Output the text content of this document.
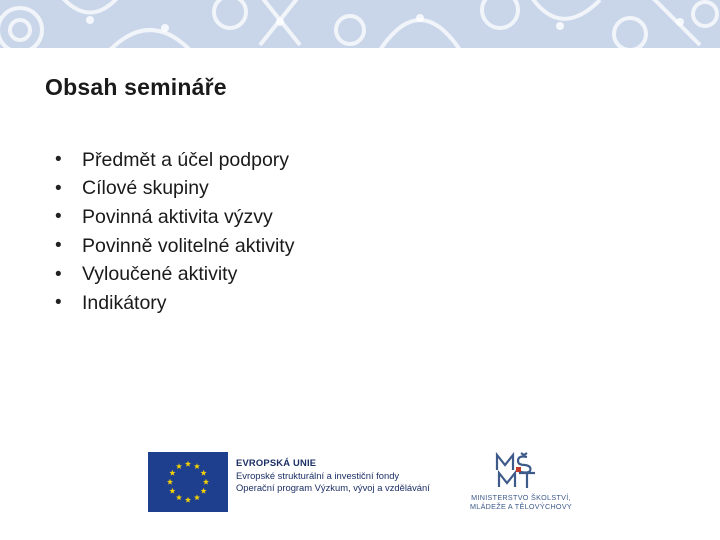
Obsah semináře
•	Předmět a účel podpory
•	Cílové skupiny
•	Povinná aktivita výzvy
•	Povinně volitelné aktivity
•	Vyloučené aktivity
•	Indikátory
EVROPSKÁ UNIE
Evropské strukturální a investiční fondy
Operační program Výzkum, vývoj a vzdělávání
MINISTERSTVO ŠKOLSTVÍ,
MLÁDEŽE A TĚLOVÝCHOVY
